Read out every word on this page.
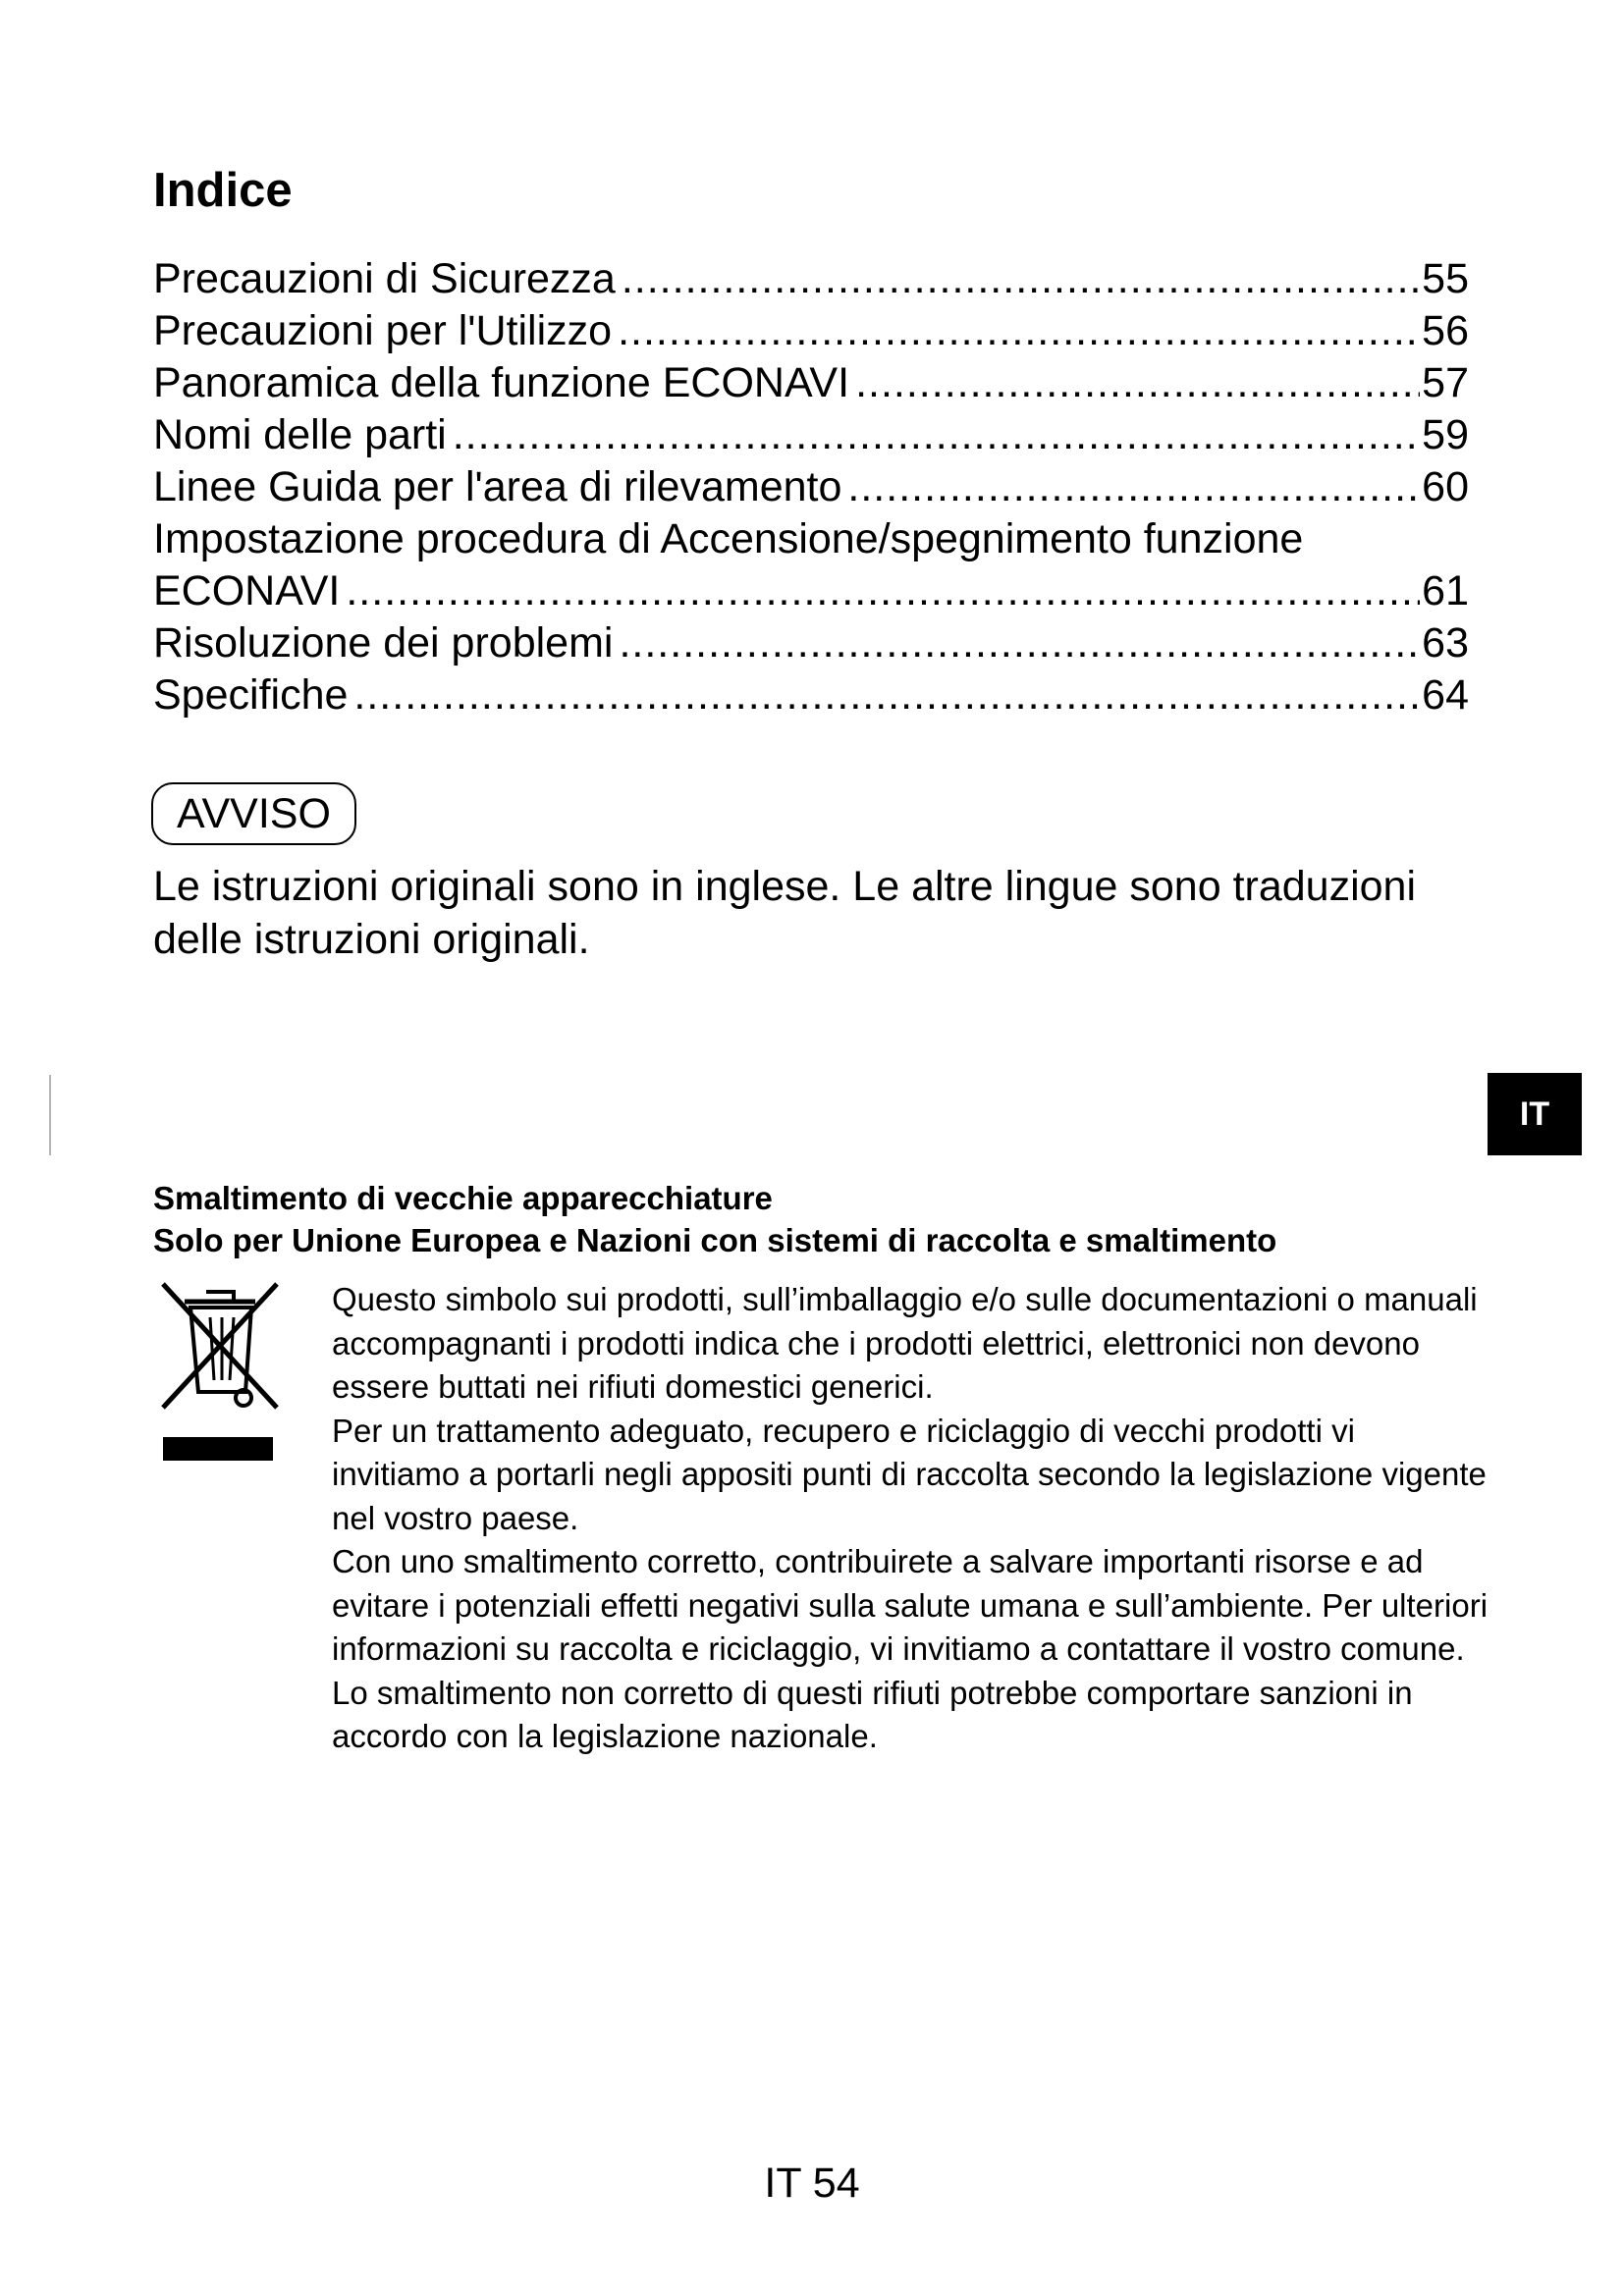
Indice
Precauzioni di Sicurezza .....	55
Precauzioni per l'Utilizzo .....	56
Panoramica della funzione ECONAVI .....	57
Nomi delle parti .....	59
Linee Guida per l'area di rilevamento .....	60
Impostazione procedura di Accensione/spegnimento funzione
ECONAVI .....	61
Risoluzione dei problemi .....	63
Specifiche .....	64
AVVISO

Le istruzioni originali sono in inglese. Le altre lingue sono traduzioni delle istruzioni originali.

IT
Smaltimento di vecchie apparecchiature
Solo per Unione Europea e Nazioni con sistemi di raccolta e smaltimento

Questo simbolo sui prodotti, sull’imballaggio e/o sulle documentazioni o manuali accompagnanti i prodotti indica che i prodotti elettrici, elettronici non devono essere buttati nei rifiuti domestici generici.

Per un trattamento adeguato, recupero e riciclaggio di vecchi prodotti vi invitiamo a portarli negli appositi punti di raccolta secondo la legislazione vigente nel vostro paese.

Con uno smaltimento corretto, contribuirete a salvare importanti risorse e ad evitare i potenziali effetti negativi sulla salute umana e sull’ambiente. Per ulteriori informazioni su raccolta e riciclaggio, vi invitiamo a contattare il vostro comune.

Lo smaltimento non corretto di questi rifiuti potrebbe comportare sanzioni in accordo con la legislazione nazionale.

IT 54
